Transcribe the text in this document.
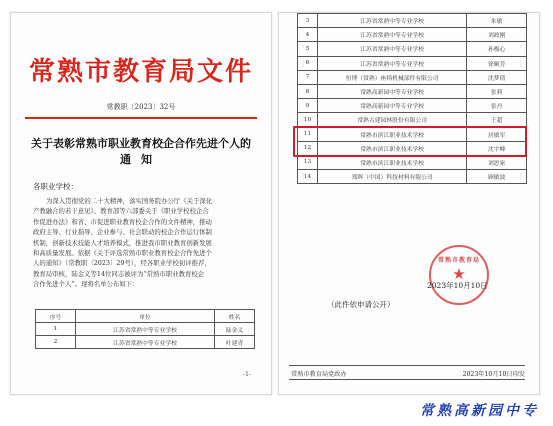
常熟市教育局文件
常教职〔2023〕32号
关于表彰常熟市职业教育校企合作先进个人的
通知
各职业学校：
为深入贯彻党的二十大精神，落实国务院办公厅《关于深化
产教融合的若干意见》、教育部等六部委关于《职业学校校企合
作促进办法》和省、市促进职业教育校企合作的文件精神，推动
政府主导、行业指导、企业参与、社会联动的校企合作运行体制
机制，创新技术技能人才培养模式，推进我市职业教育创新发展
和高质量发展。依据《关于评选常熟市职业教育校企合作先进个
人的通知》（常教职〔2023〕29号），经各职业学校初评推荐，
教育局审核，陆金义等14位同志被评为“常熟市职业教育校企
合作先进个人”。现将名单公布如下：
序号	单位	姓名
1	江苏省常熟中等专业学校	陆金义
2	江苏省常熟中等专业学校	叶建青
-1-
3	江苏省常熟中等专业学校	朱敏
4	江苏省常熟中等专业学校	刘政刚
5	江苏省常熟中等专业学校	孙梅心
6	江苏省常熟中等专业学校	徐顺芳
7	恒博（常熟）座椅机械部件有限公司	沈梦倩
8	常熟高新园中等专业学校	张莉
9	常熟高新园中等专业学校	张丹
10	常熟古建园林股份有限公司	王超
11	常熟市滨江职业技术学校	居敏军
12	常熟市滨江职业技术学校	沈宇峰
13	常熟市滨江职业技术学校	刘思家
14	郑晖（中国）科技材料有限公司	顾敏波
常熟市教育局
★
2023年10月10日
（此件依申请公开）
常熟市教育局党政办	2023年10月10日印发
常熟高新园中专
